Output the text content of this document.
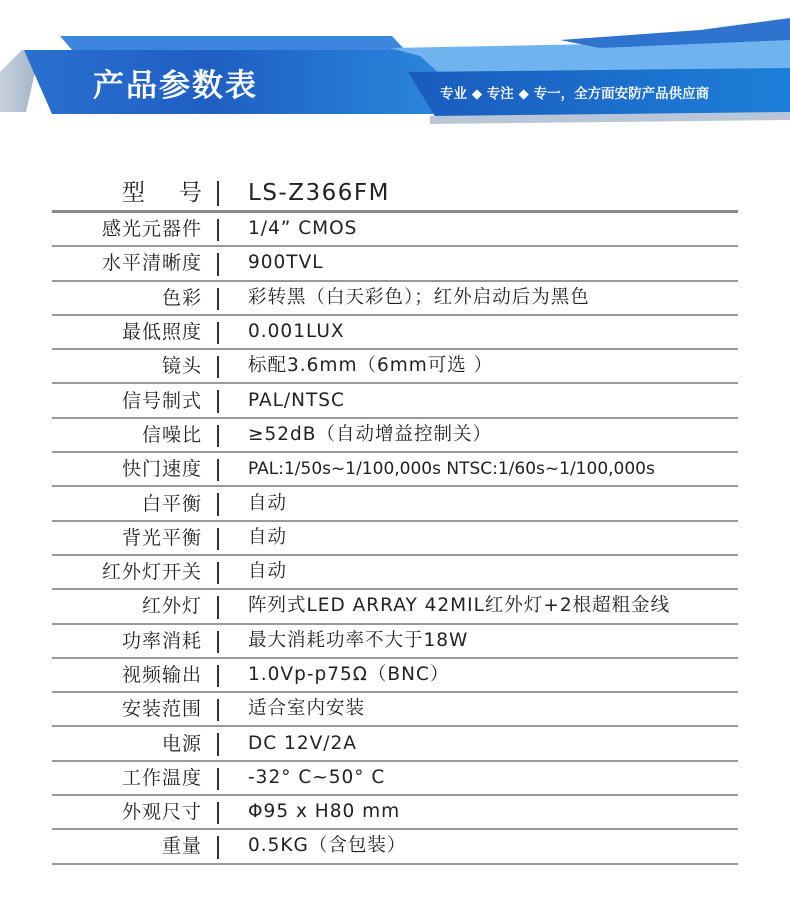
产品参数表	专业 ◆ 专注 ◆ 专一，全方面安防产品供应商
型 号	LS-Z366FM
感光元器件	1/4” CMOS
水平清晰度	900TVL
色彩	彩转黑（白天彩色）；红外启动后为黑色
最低照度	0.001LUX
镜头	标配3.6mm（6mm可选 ）
信号制式	PAL/NTSC
信噪比	≥52dB（自动增益控制关）
快门速度	PAL:1/50s~1/100,000s NTSC:1/60s~1/100,000s
白平衡	自动
背光平衡	自动
红外灯开关	自动
红外灯	阵列式LED ARRAY 42MIL红外灯+2根超粗金线
功率消耗	最大消耗功率不大于18W
视频输出	1.0Vp-p75Ω（BNC）
安装范围	适合室内安装
电源	DC 12V/2A
工作温度	-32° C~50° C
外观尺寸	Φ95 x H80 mm
重量	0.5KG（含包装）
